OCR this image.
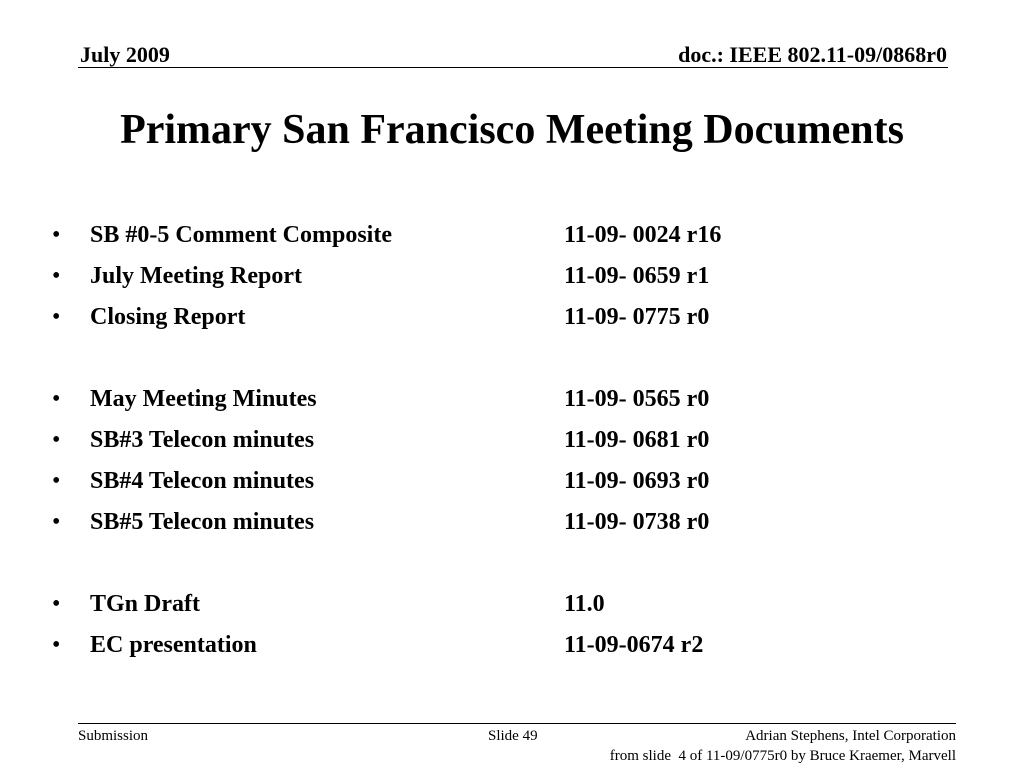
July 2009	doc.: IEEE 802.11-09/0868r0
Primary San Francisco Meeting Documents
• SB #0-5 Comment Composite	11-09- 0024 r16
• July Meeting Report	11-09- 0659 r1
• Closing Report	11-09- 0775 r0
• May Meeting Minutes	11-09- 0565 r0
• SB#3 Telecon minutes	11-09- 0681 r0
• SB#4 Telecon minutes	11-09- 0693 r0
• SB#5 Telecon minutes	11-09- 0738 r0
• TGn Draft	11.0
• EC presentation	11-09-0674 r2
Submission	Slide 49	Adrian Stephens, Intel Corporation
from slide  4 of 11-09/0775r0 by Bruce Kraemer, Marvell
